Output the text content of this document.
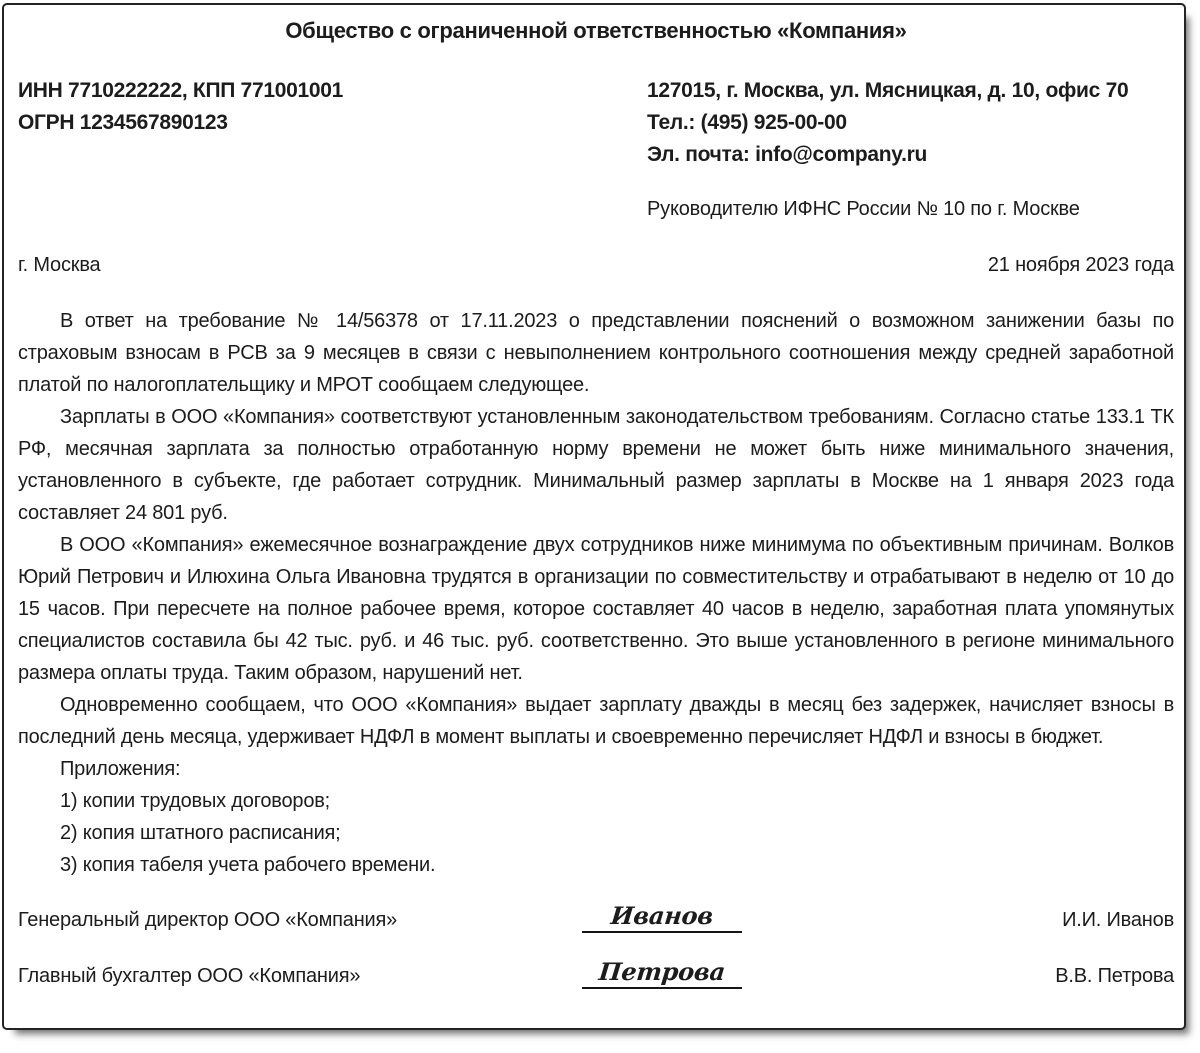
Общество с ограниченной ответственностью «Компания»
ИНН 7710222222, КПП 771001001
ОГРН 1234567890123
127015, г. Москва, ул. Мясницкая, д. 10, офис 70
Тел.: (495) 925-00-00
Эл. почта: info@company.ru
Руководителю ИФНС России № 10 по г. Москве
г. Москва	21 ноября 2023 года

В ответ на требование № 14/56378 от 17.11.2023 о представлении пояснений о возможном занижении базы по страховым взносам в РСВ за 9 месяцев в связи с невыполнением контрольного соотношения между средней заработной платой по налогоплательщику и МРОТ сообщаем следующее.

Зарплаты в ООО «Компания» соответствуют установленным законодательством требованиям. Согласно статье 133.1 ТК РФ, месячная зарплата за полностью отработанную норму времени не может быть ниже минимального значения, установленного в субъекте, где работает сотрудник. Минимальный размер зарплаты в Москве на 1 января 2023 года составляет 24 801 руб.

В ООО «Компания» ежемесячное вознаграждение двух сотрудников ниже минимума по объективным причинам. Волков Юрий Петрович и Илюхина Ольга Ивановна трудятся в организации по совместительству и отрабатывают в неделю от 10 до 15 часов. При пересчете на полное рабочее время, которое составляет 40 часов в неделю, заработная плата упомянутых специалистов составила бы 42 тыс. руб. и 46 тыс. руб. соответственно. Это выше установленного в регионе минимального размера оплаты труда. Таким образом, нарушений нет.

Одновременно сообщаем, что ООО «Компания» выдает зарплату дважды в месяц без задержек, начисляет взносы в последний день месяца, удерживает НДФЛ в момент выплаты и своевременно перечисляет НДФЛ и взносы в бюджет.

Приложения:

1) копии трудовых договоров;

2) копия штатного расписания;

3) копия табеля учета рабочего времени.

Генеральный директор ООО «Компания»	Иванов	И.И. Иванов
Главный бухгалтер ООО «Компания»	Петрова	В.В. Петрова
